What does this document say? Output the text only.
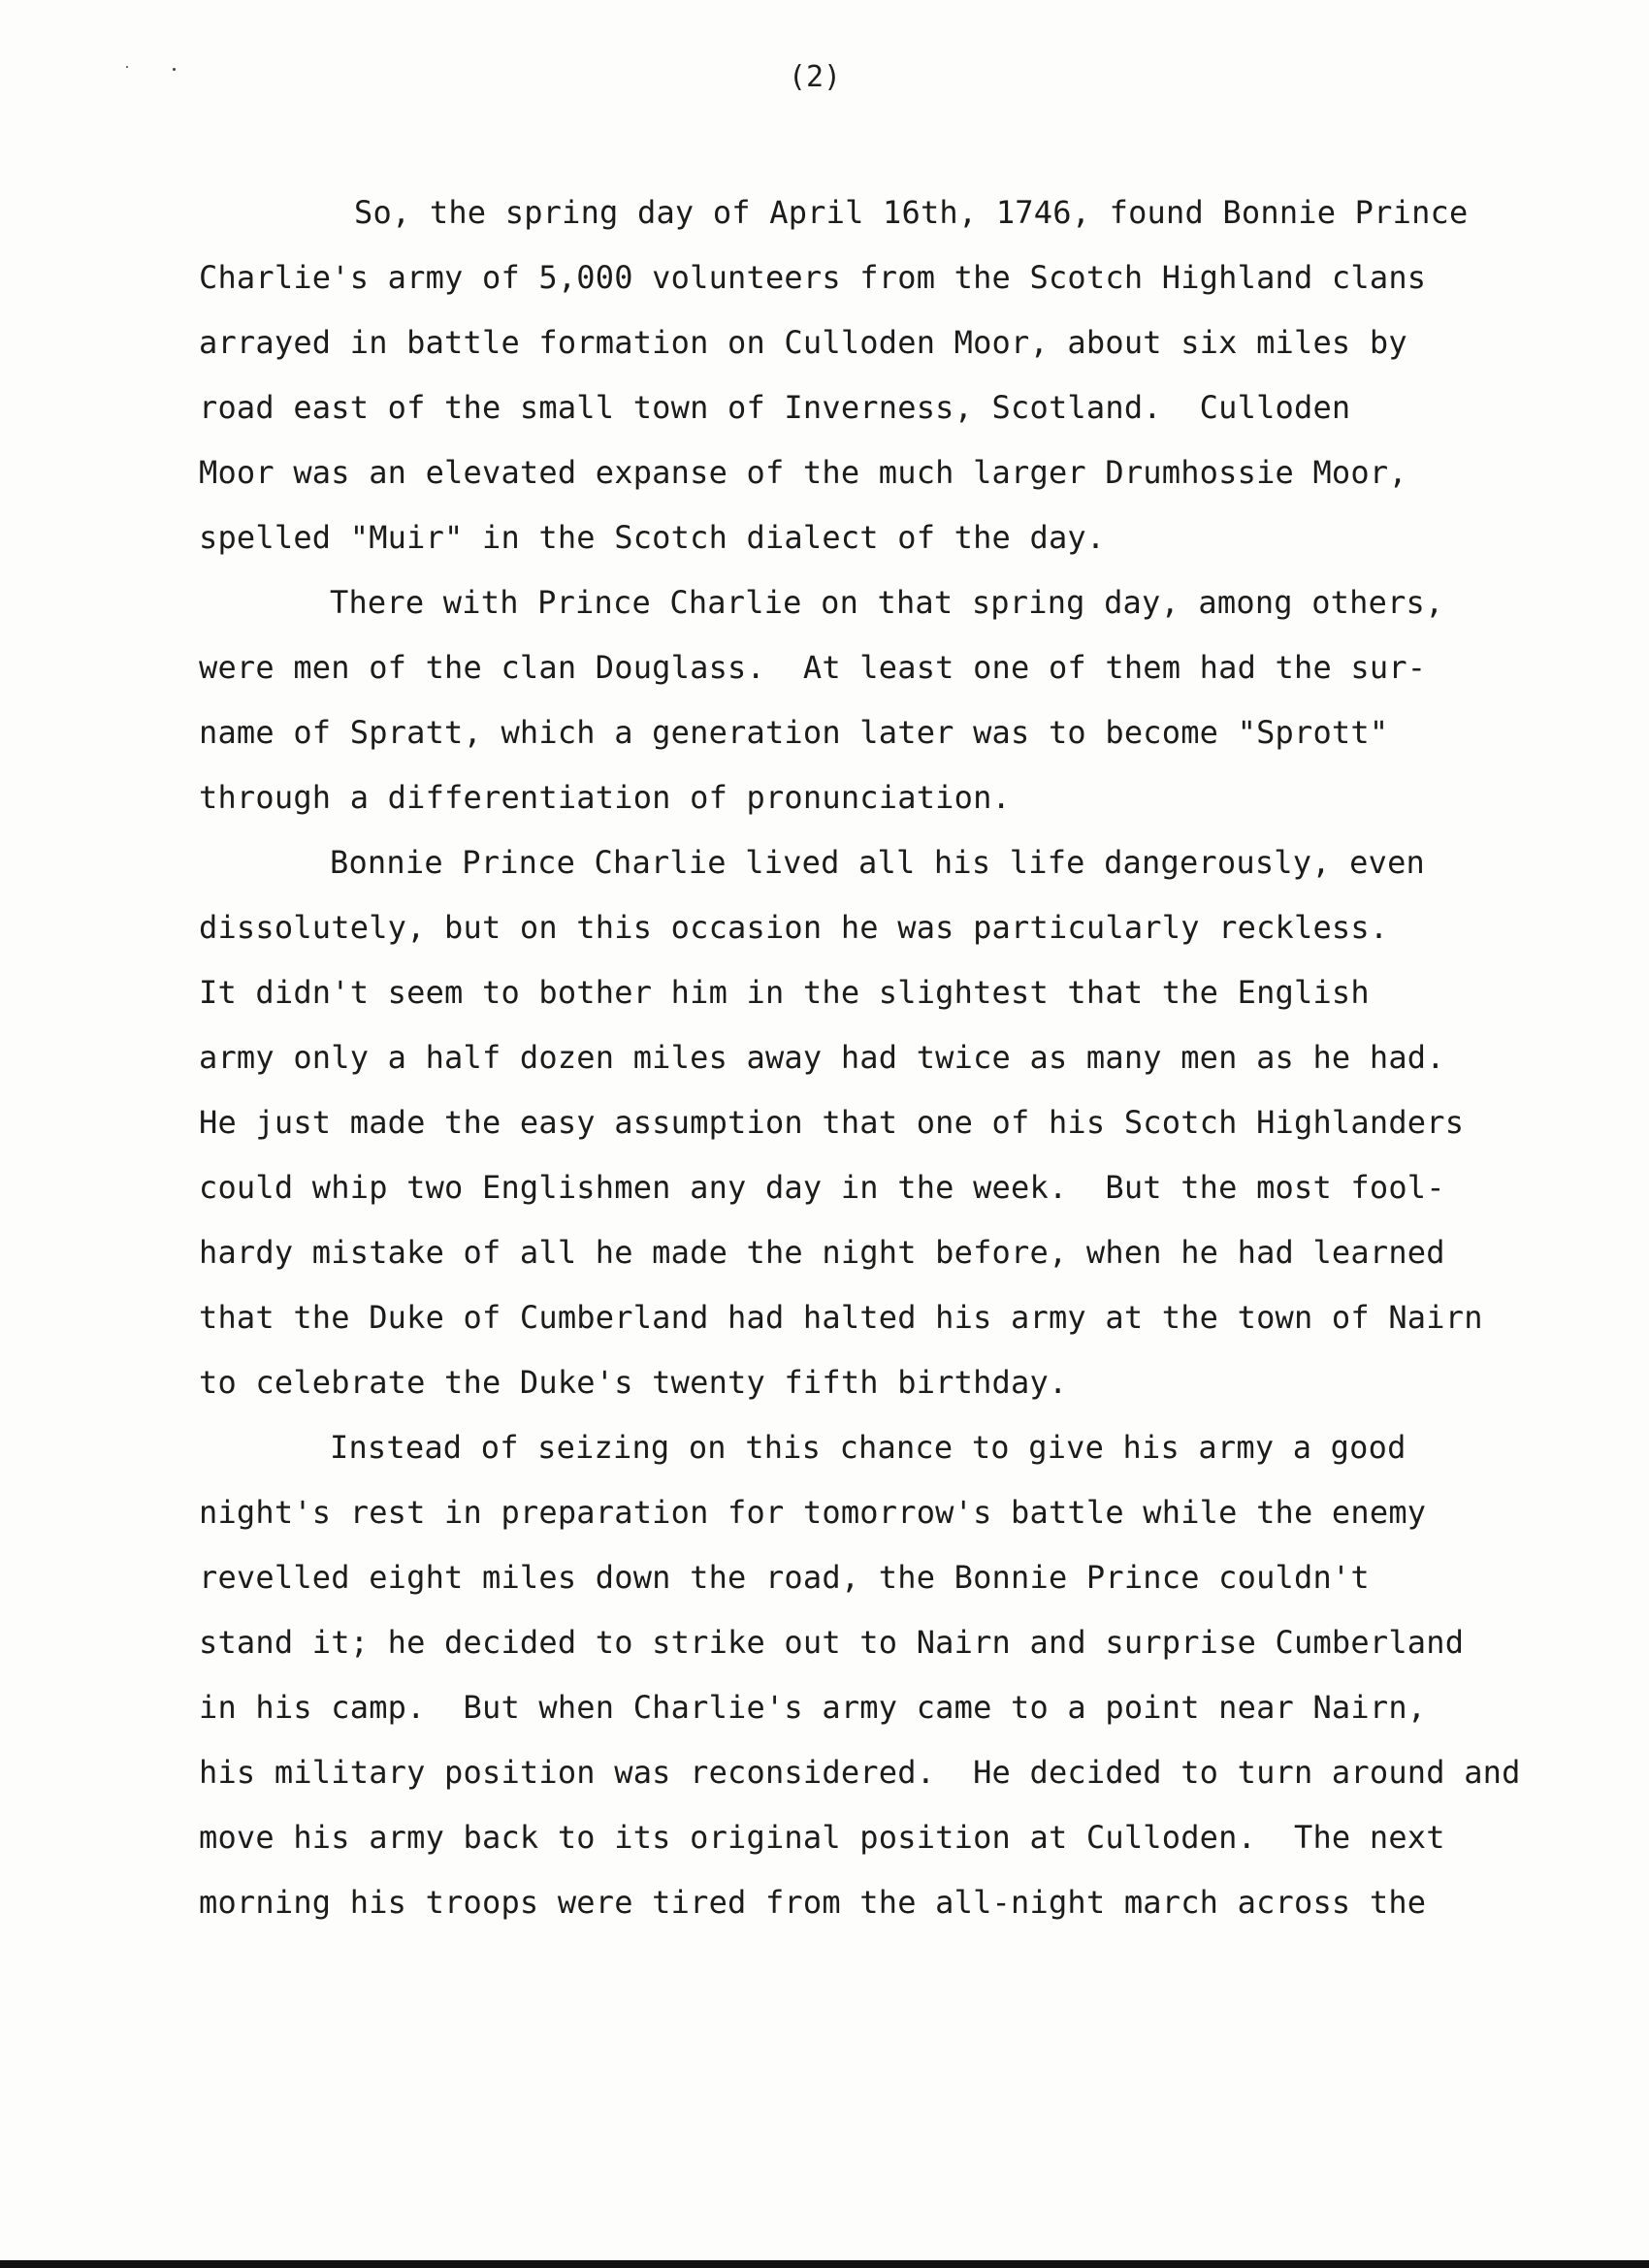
(2)

So, the spring day of April 16th, 1746, found Bonnie Prince
Charlie's army of 5,000 volunteers from the Scotch Highland clans
arrayed in battle formation on Culloden Moor, about six miles by
road east of the small town of Inverness, Scotland.  Culloden
Moor was an elevated expanse of the much larger Drumhossie Moor,
spelled "Muir" in the Scotch dialect of the day.

There with Prince Charlie on that spring day, among others,
were men of the clan Douglass.  At least one of them had the sur-
name of Spratt, which a generation later was to become "Sprott"
through a differentiation of pronunciation.

Bonnie Prince Charlie lived all his life dangerously, even
dissolutely, but on this occasion he was particularly reckless.
It didn't seem to bother him in the slightest that the English
army only a half dozen miles away had twice as many men as he had.
He just made the easy assumption that one of his Scotch Highlanders
could whip two Englishmen any day in the week.  But the most fool-
hardy mistake of all he made the night before, when he had learned
that the Duke of Cumberland had halted his army at the town of Nairn
to celebrate the Duke's twenty fifth birthday.

Instead of seizing on this chance to give his army a good
night's rest in preparation for tomorrow's battle while the enemy
revelled eight miles down the road, the Bonnie Prince couldn't
stand it; he decided to strike out to Nairn and surprise Cumberland
in his camp.  But when Charlie's army came to a point near Nairn,
his military position was reconsidered.  He decided to turn around and
move his army back to its original position at Culloden.  The next
morning his troops were tired from the all-night march across the
